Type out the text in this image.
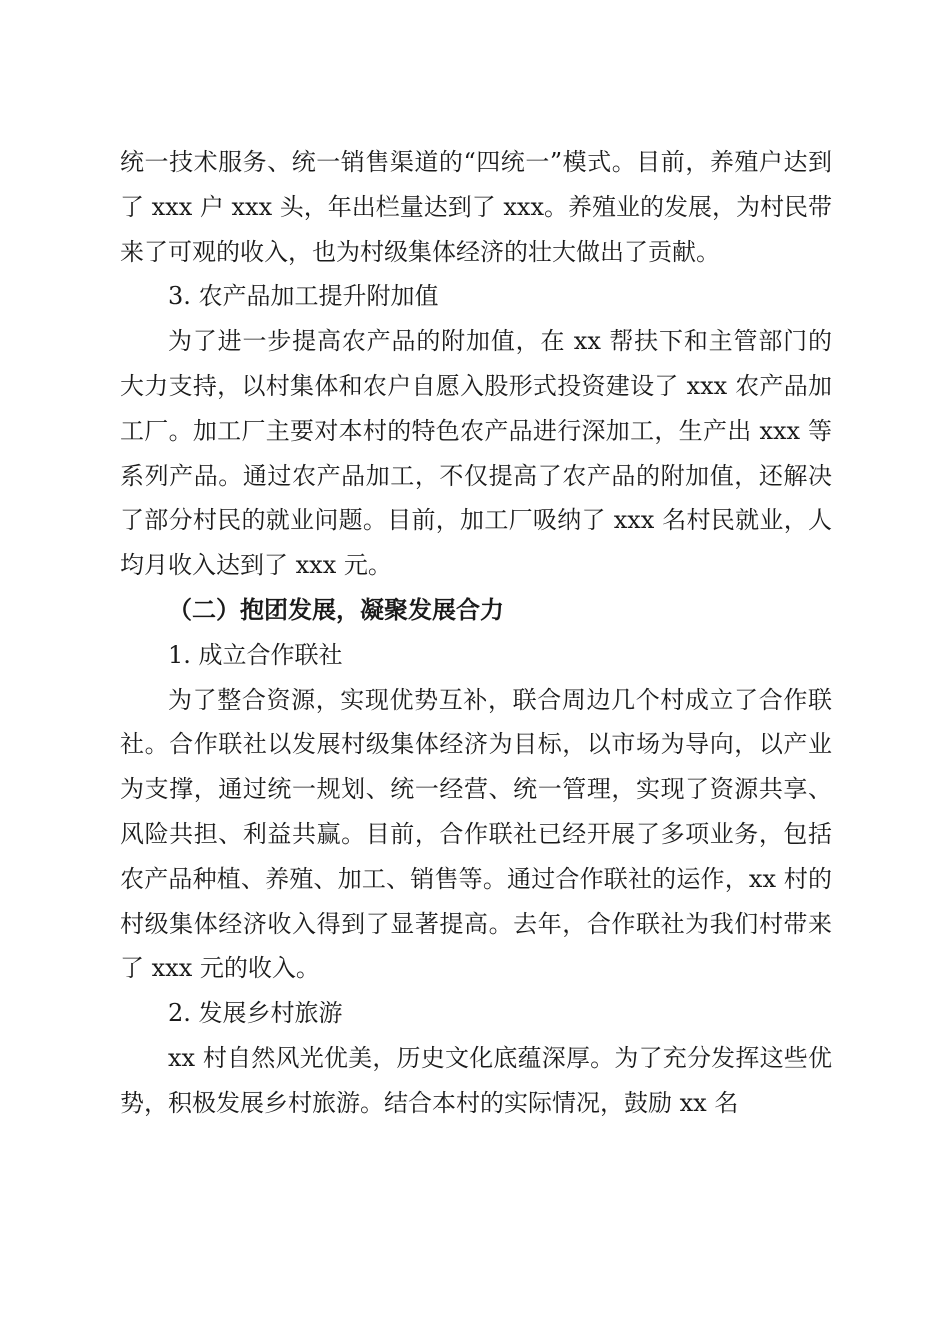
统一技术服务、统一销售渠道的“四统一”模式。目前，养殖户达到了 xxx 户 xxx 头，年出栏量达到了 xxx。养殖业的发展，为村民带来了可观的收入，也为村级集体经济的壮大做出了贡献。

3. 农产品加工提升附加值

为了进一步提高农产品的附加值，在 xx 帮扶下和主管部门的大力支持，以村集体和农户自愿入股形式投资建设了 xxx 农产品加工厂。加工厂主要对本村的特色农产品进行深加工，生产出 xxx 等系列产品。通过农产品加工，不仅提高了农产品的附加值，还解决了部分村民的就业问题。目前，加工厂吸纳了 xxx 名村民就业，人均月收入达到了 xxx 元。

（二）抱团发展，凝聚发展合力

1. 成立合作联社

为了整合资源，实现优势互补，联合周边几个村成立了合作联社。合作联社以发展村级集体经济为目标，以市场为导向，以产业为支撑，通过统一规划、统一经营、统一管理，实现了资源共享、风险共担、利益共赢。目前，合作联社已经开展了多项业务，包括农产品种植、养殖、加工、销售等。通过合作联社的运作，xx 村的村级集体经济收入得到了显著提高。去年，合作联社为我们村带来了 xxx 元的收入。

2. 发展乡村旅游

xx 村自然风光优美，历史文化底蕴深厚。为了充分发挥这些优势，积极发展乡村旅游。结合本村的实际情况，鼓励 xx 名
